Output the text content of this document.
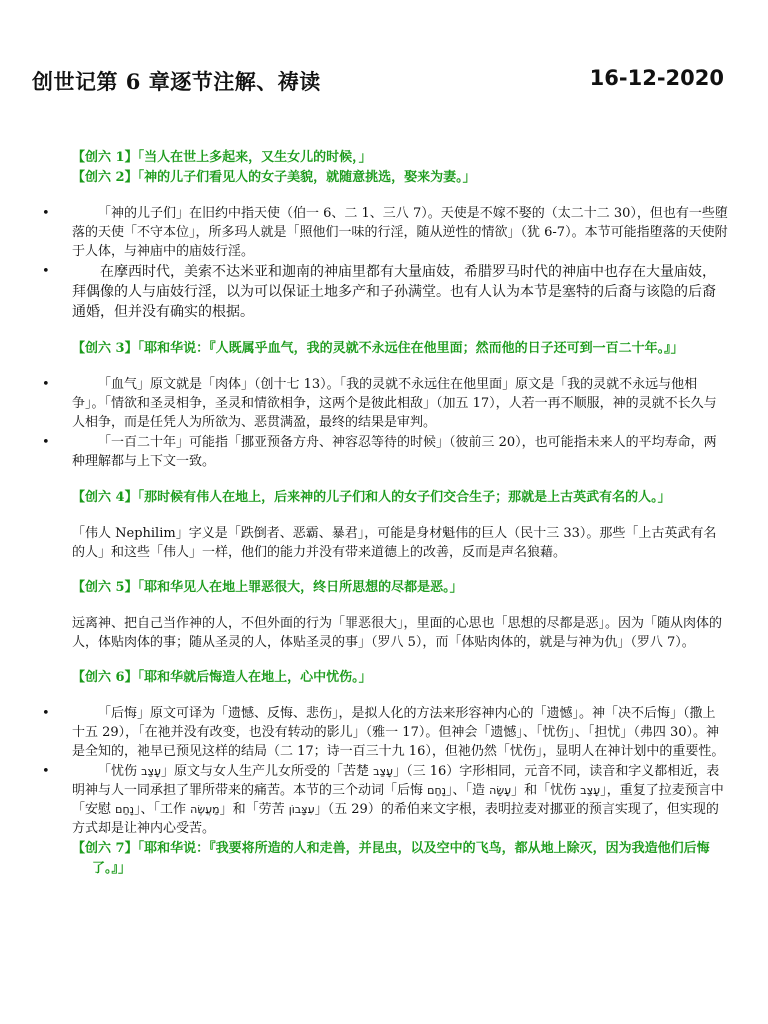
创世记第 6 章逐节注解、祷读	16-12-2020
【创六 1】「当人在世上多起来，又生女儿的时候，」
【创六 2】「神的儿子们看见人的女子美貌，就随意挑选，娶来为妻。」
• 「神的儿子们」在旧约中指天使（伯一 6、二 1、三八 7）。天使是不嫁不娶的（太二十二 30），但也有一些堕落的天使「不守本位」，所多玛人就是「照他们一味的行淫，随从逆性的情欲」（犹 6-7）。本节可能指堕落的天使附于人体，与神庙中的庙妓行淫。
• 在摩西时代，美索不达米亚和迦南的神庙里都有大量庙妓，希腊罗马时代的神庙中也存在大量庙妓，拜偶像的人与庙妓行淫，以为可以保证土地多产和子孙满堂。也有人认为本节是塞特的后裔与该隐的后裔通婚，但并没有确实的根据。
【创六 3】「耶和华说：『人既属乎血气，我的灵就不永远住在他里面；然而他的日子还可到一百二十年。』」
• 「血气」原文就是「肉体」（创十七 13）。「我的灵就不永远住在他里面」原文是「我的灵就不永远与他相争」。「情欲和圣灵相争，圣灵和情欲相争，这两个是彼此相敌」（加五 17），人若一再不顺服，神的灵就不长久与人相争，而是任凭人为所欲为、恶贯满盈，最终的结果是审判。
• 「一百二十年」可能指「挪亚预备方舟、神容忍等待的时候」（彼前三 20），也可能指未来人的平均寿命，两种理解都与上下文一致。
【创六 4】「那时候有伟人在地上，后来神的儿子们和人的女子们交合生子；那就是上古英武有名的人。」

「伟人 Nephilim」字义是「跌倒者、恶霸、暴君」，可能是身材魁伟的巨人（民十三 33）。那些「上古英武有名的人」和这些「伟人」一样，他们的能力并没有带来道德上的改善，反而是声名狼藉。

【创六 5】「耶和华见人在地上罪恶很大，终日所思想的尽都是恶。」

远离神、把自己当作神的人，不但外面的行为「罪恶很大」，里面的心思也「思想的尽都是恶」。因为「随从肉体的人，体贴肉体的事；随从圣灵的人，体贴圣灵的事」（罗八 5），而「体贴肉体的，就是与神为仇」（罗八 7）。

【创六 6】「耶和华就后悔造人在地上，心中忧伤。」
• 「后悔」原文可译为「遗憾、反悔、悲伤」，是拟人化的方法来形容神内心的「遗憾」。神「决不后悔」（撒上十五 29），「在祂并没有改变，也没有转动的影儿」（雅一 17）。但神会「遗憾」、「忧伤」、「担忧」（弗四 30）。神是全知的，祂早已预见这样的结局（二 17；诗一百三十九 16），但祂仍然「忧伤」，显明人在神计划中的重要性。
• 「忧伤 עָצַב」原文与女人生产儿女所受的「苦楚 עָצַב」（三 16）字形相同，元音不同，读音和字义都相近，表明神与人一同承担了罪所带来的痛苦。本节的三个动词「后悔 נָחַם」、「造 עָשָׂה」和「忧伤 עָצַב」，重复了拉麦预言中「安慰 נָחַם」、「工作 מַעֲשֶׂה」和「劳苦 עִצָּבוֹן」（五 29）的希伯来文字根，表明拉麦对挪亚的预言实现了，但实现的方式却是让神内心受苦。
【创六 7】「耶和华说：『我要将所造的人和走兽，并昆虫，以及空中的飞鸟，都从地上除灭，因为我造他们后悔了。』」
